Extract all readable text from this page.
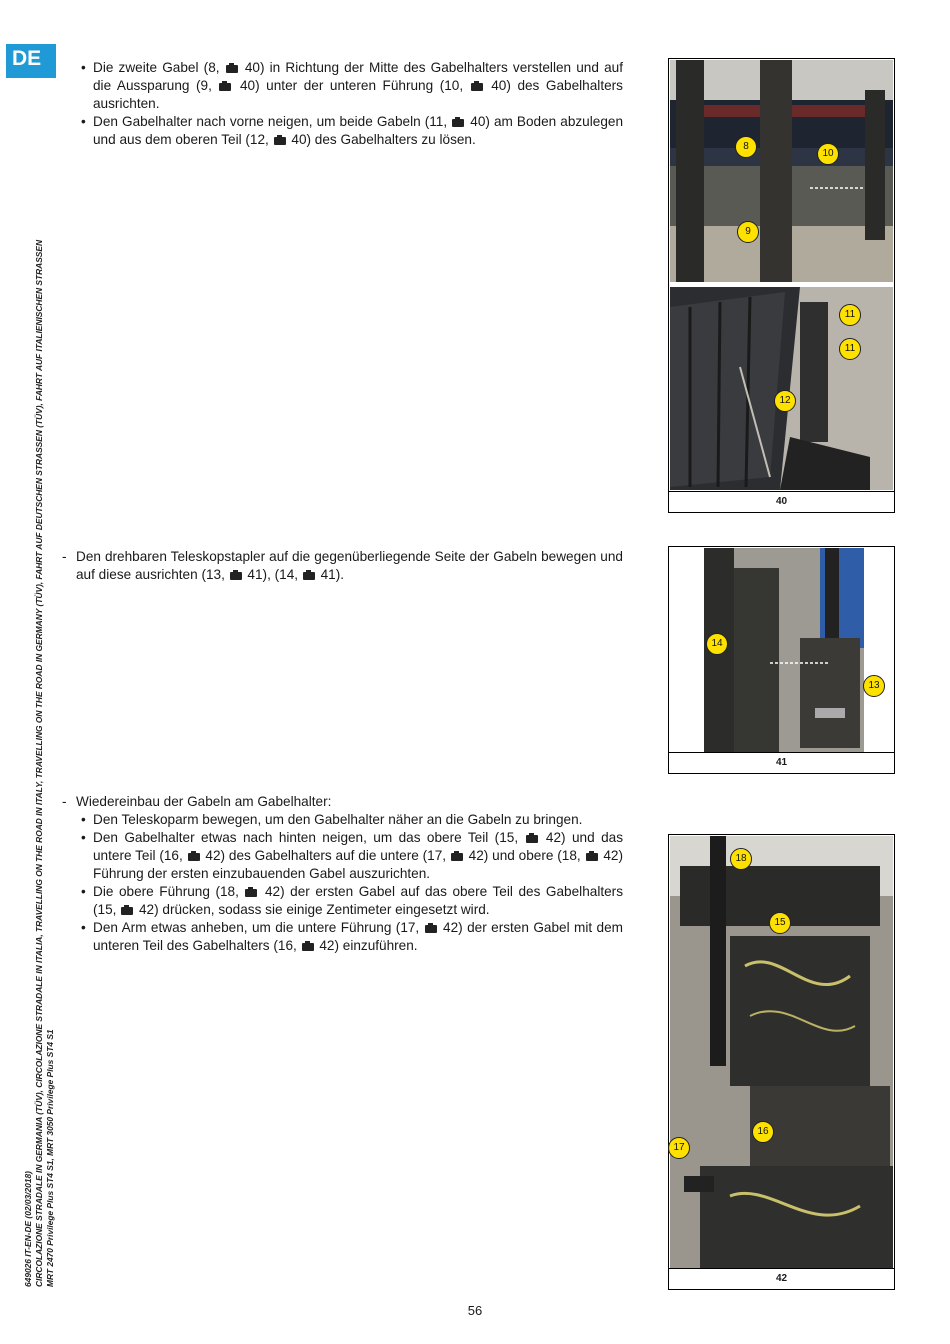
DE
649026 IT-EN-DE (02/03/2018) CIRCOLAZIONE STRADALE IN GERMANIA (TÜV), CIRCOLAZIONE STRADALE IN ITALIA, TRAVELLING ON THE ROAD IN ITALY, TRAVELLING ON THE ROAD IN GERMANY (TÜV), FAHRT AUF DEUTSCHEN STRASSEN (TÜV), FAHRT AUF ITALIENISCHEN STRASSEN MRT 2470 Privilege Plus ST4 S1, MRT 3050 Privilege Plus ST4 S1
• Die zweite Gabel (8,  40) in Richtung der Mitte des Gabelhalters verstellen und auf die Aussparung (9,  40) unter der unteren Führung (10,  40) des Gabelhalters ausrichten.
• Den Gabelhalter nach vorne neigen, um beide Gabeln (11,  40) am Boden abzulegen und aus dem oberen Teil (12,  40) des Gabelhalters zu lösen.	8
10
9
11
11
12
40
- Den drehbaren Teleskopstapler auf die gegenüberliegende Seite der Gabeln bewegen und auf diese ausrichten (13,  41), (14,  41).
14
13
41
- Wiedereinbau der Gabeln am Gabelhalter:
• Den Teleskoparm bewegen, um den Gabelhalter näher an die Gabeln zu bringen.
• Den Gabelhalter etwas nach hinten neigen, um das obere Teil (15,  42) und das untere Teil (16,  42) des Gabelhalters auf die untere (17,  42) und obere (18,  42) Führung der ersten einzubauenden Gabel auszurichten.
• Die obere Führung (18,  42) der ersten Gabel auf das obere Teil des Gabelhalters (15,  42) drücken, sodass sie einige Zentimeter eingesetzt wird.
• Den Arm etwas anheben, um die untere Führung (17,  42) der ersten Gabel mit dem unteren Teil des Gabelhalters (16,  42) einzuführen.
18
15
16
17
42
56
